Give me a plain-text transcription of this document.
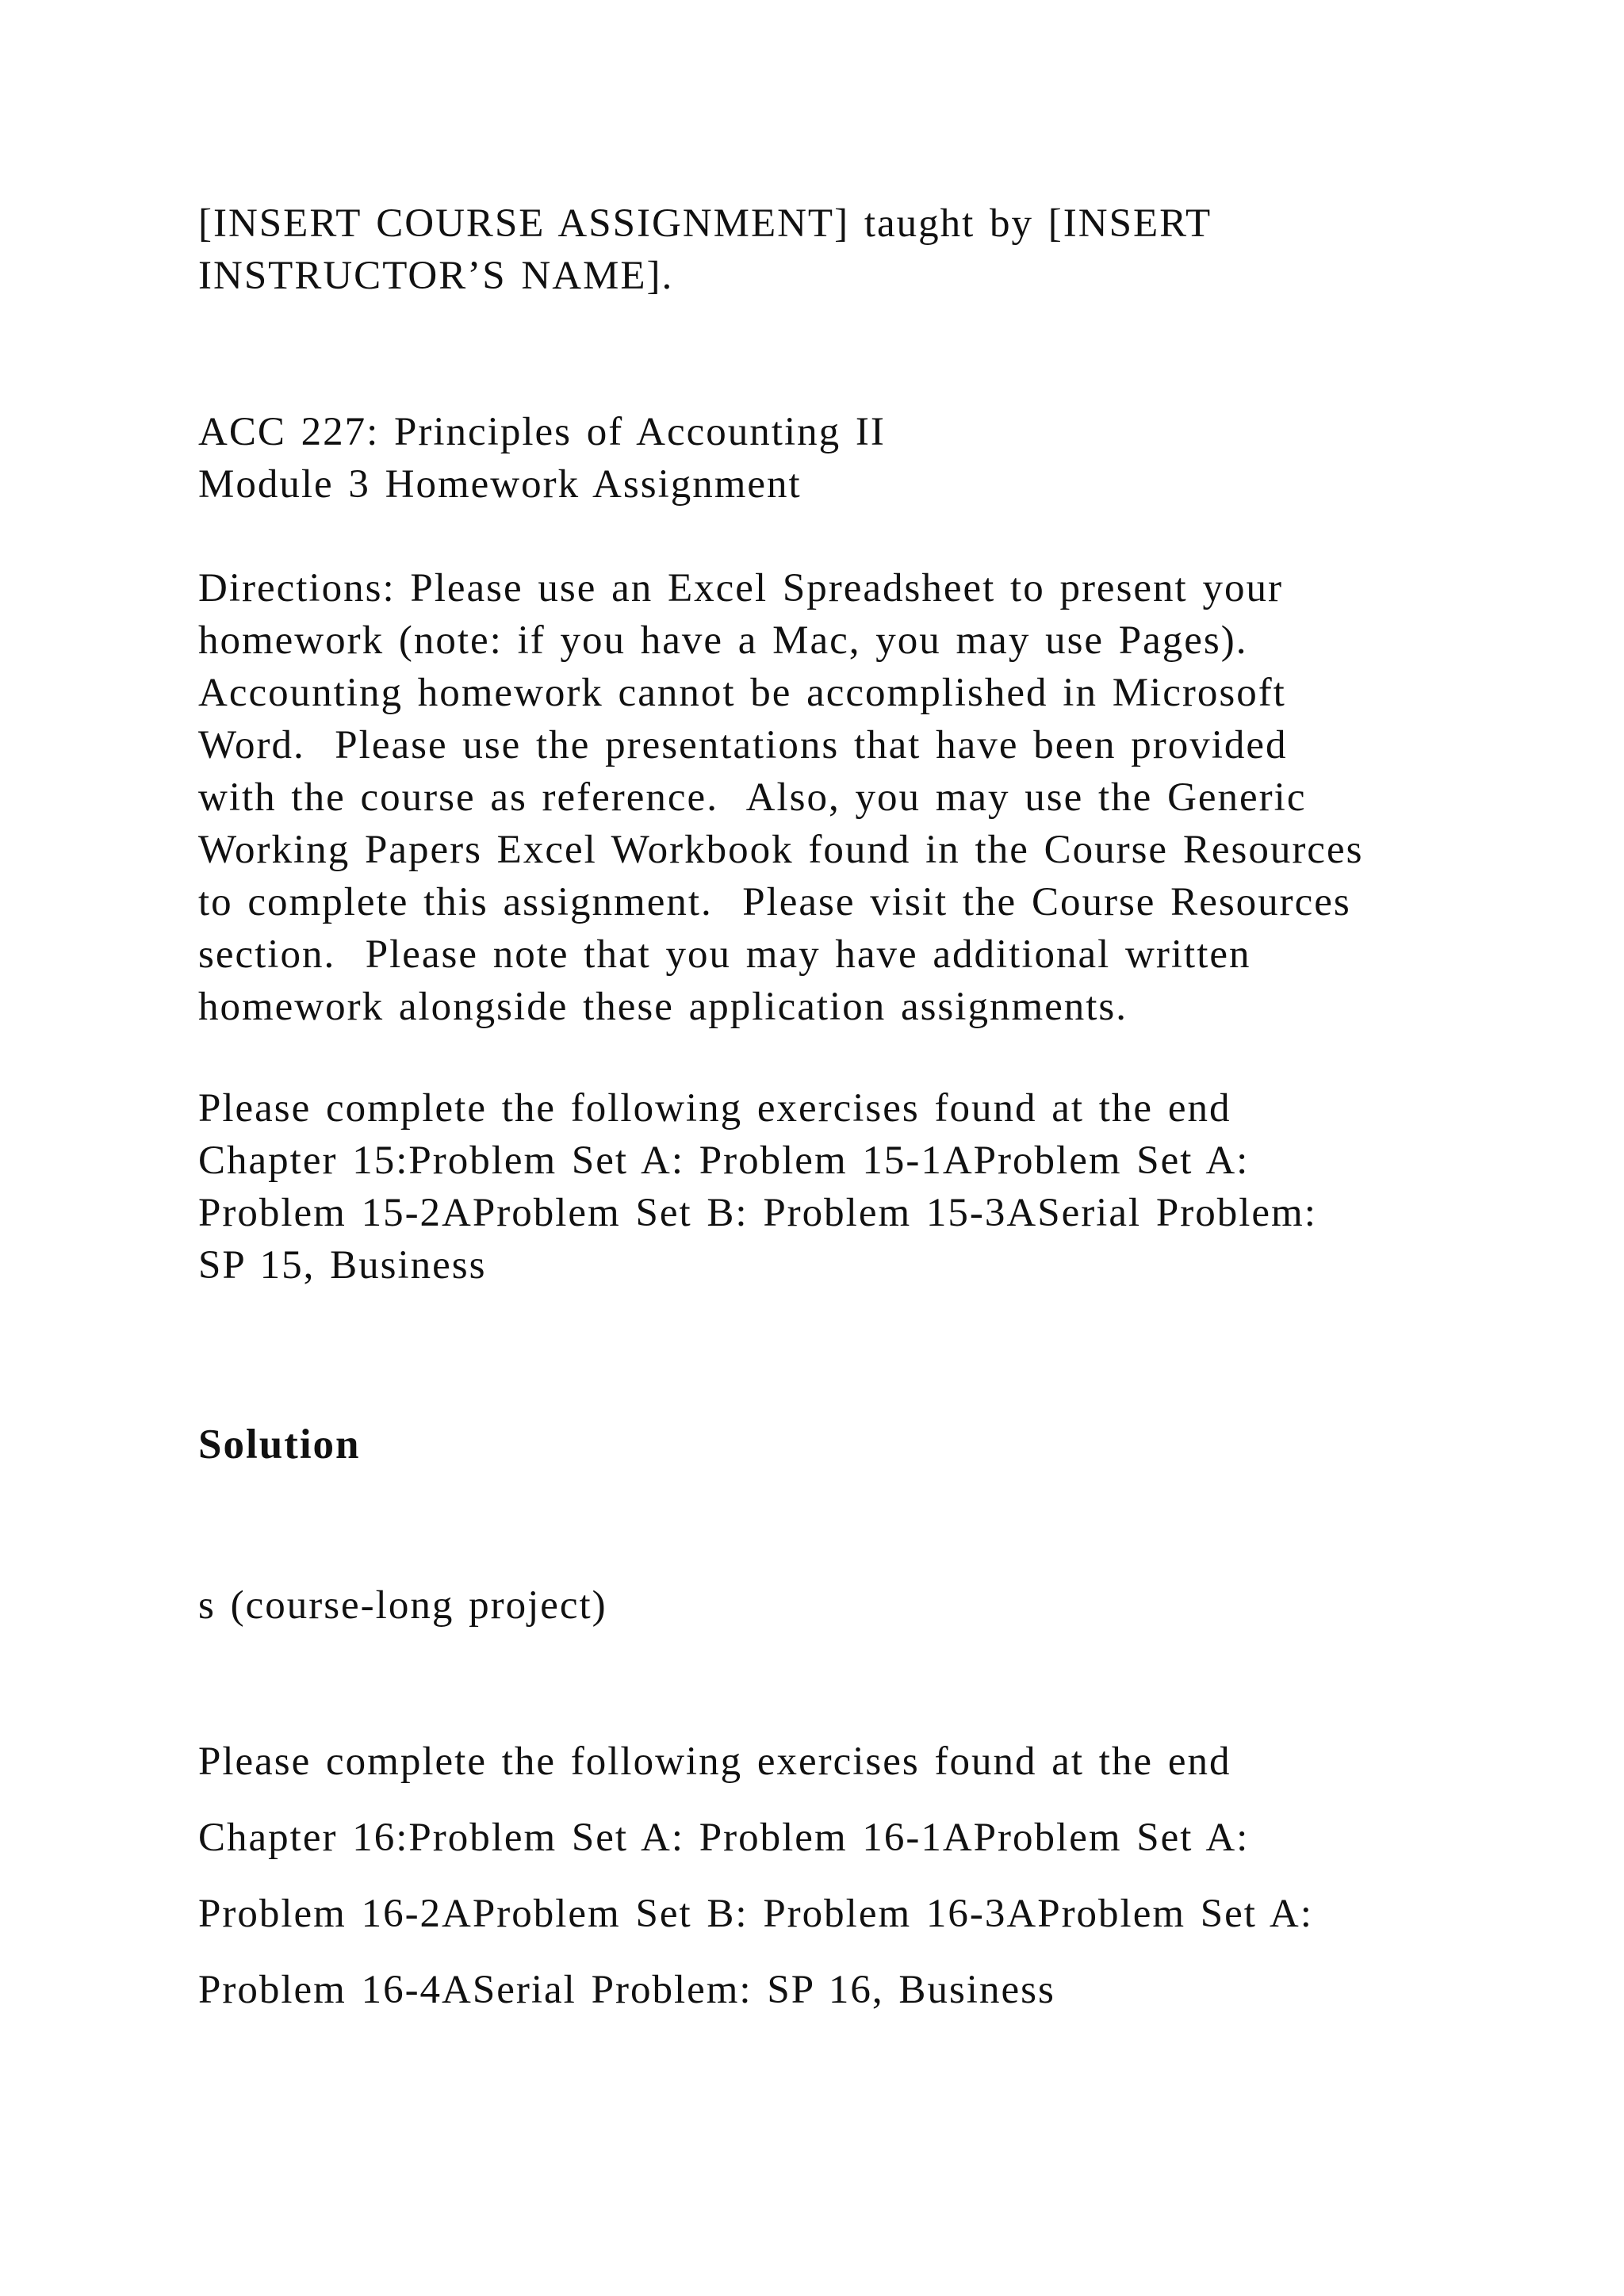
[INSERT COURSE ASSIGNMENT] taught by [INSERT
INSTRUCTOR’S NAME].
ACC 227: Principles of Accounting II
Module 3 Homework Assignment
Directions: Please use an Excel Spreadsheet to present your
homework (note: if you have a Mac, you may use Pages).
Accounting homework cannot be accomplished in Microsoft
Word.  Please use the presentations that have been provided
with the course as reference.  Also, you may use the Generic
Working Papers Excel Workbook found in the Course Resources
to complete this assignment.  Please visit the Course Resources
section.  Please note that you may have additional written
homework alongside these application assignments.
Please complete the following exercises found at the end
Chapter 15:Problem Set A: Problem 15-1AProblem Set A:
Problem 15-2AProblem Set B: Problem 15-3ASerial Problem:
SP 15, Business
Solution
s (course-long project)
Please complete the following exercises found at the end
Chapter 16:Problem Set A: Problem 16-1AProblem Set A:
Problem 16-2AProblem Set B: Problem 16-3AProblem Set A:
Problem 16-4ASerial Problem: SP 16, Business
